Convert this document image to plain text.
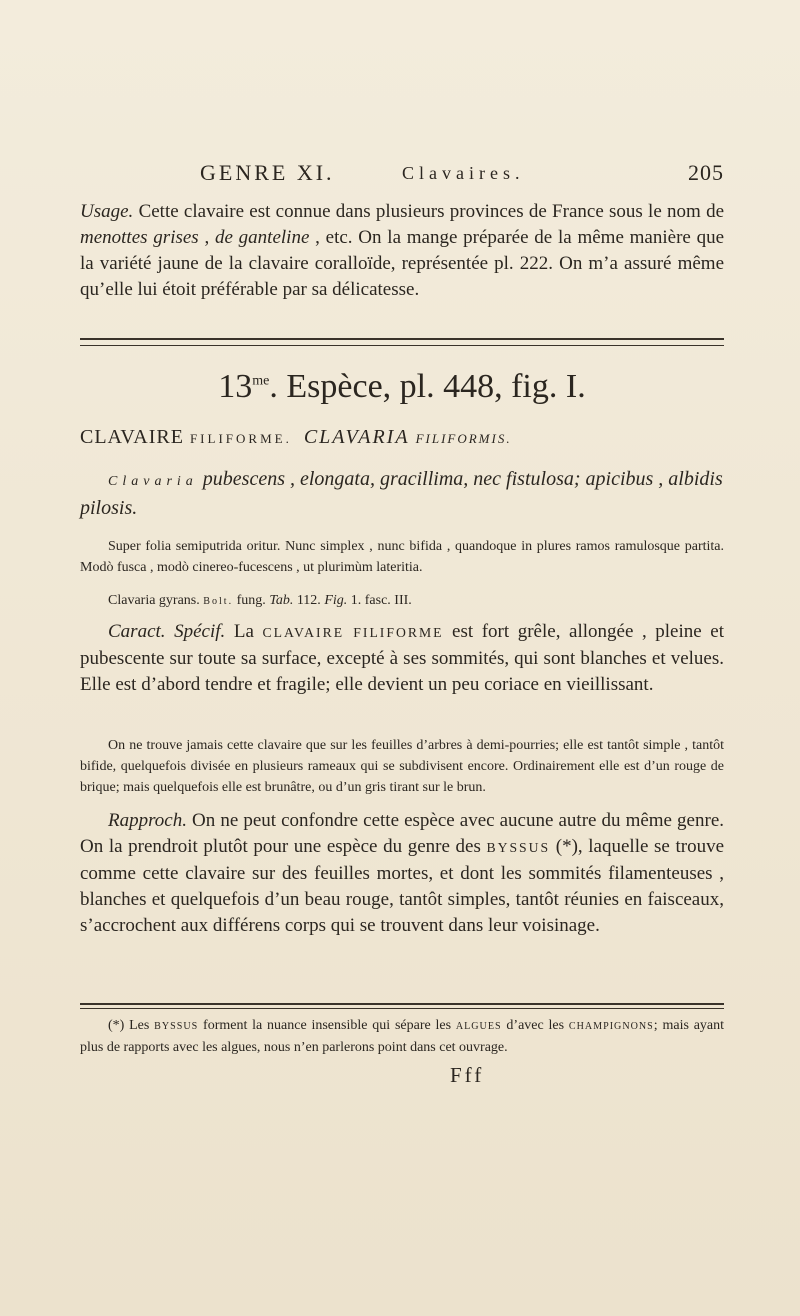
GENRE XI.	Clavaires.	205

Usage. Cette clavaire est connue dans plusieurs provinces de France sous le nom de menottes grises , de ganteline , etc. On la mange préparée de la même manière que la variété jaune de la clavaire coralloïde, représentée pl. 222. On m’a assuré même qu’elle lui étoit préférable par sa délicatesse.

$13^{me}$. Espèce, pl. 448, fig. I.
CLAVAIRE FILIFORME. CLAVARIA FILIFORMIS.

Clavaria pubescens , elongata, gracillima, nec fistulosa; apicibus , albidis pilosis.

Super folia semiputrida oritur. Nunc simplex , nunc bifida , quandoque in plures ramos ramulosque partita. Modò fusca , modò cinereo-fucescens , ut plurimùm lateritia.

Clavaria gyrans. Bolt. fung. Tab. 112. Fig. 1. fasc. III.

Caract. Spécif. La CLAVAIRE FILIFORME est fort grêle, allongée , pleine et pubescente sur toute sa surface, excepté à ses sommités, qui sont blanches et velues. Elle est d’abord tendre et fragile; elle devient un peu coriace en vieillissant.

On ne trouve jamais cette clavaire que sur les feuilles d’arbres à demi-pourries; elle est tantôt simple , tantôt bifide, quelquefois divisée en plusieurs rameaux qui se subdivisent encore. Ordinairement elle est d’un rouge de brique; mais quelquefois elle est brunâtre, ou d’un gris tirant sur le brun.

Rapproch. On ne peut confondre cette espèce avec aucune autre du même genre. On la prendroit plutôt pour une espèce du genre des BYSSUS (*), laquelle se trouve comme cette clavaire sur des feuilles mortes, et dont les sommités filamenteuses , blanches et quelquefois d’un beau rouge, tantôt simples, tantôt réunies en faisceaux, s’accrochent aux différens corps qui se trouvent dans leur voisinage.

(*) Les BYSSUS forment la nuance insensible qui sépare les ALGUES d’avec les CHAMPIGNONS; mais ayant plus de rapports avec les algues, nous n’en parlerons point dans cet ouvrage.

Fff
